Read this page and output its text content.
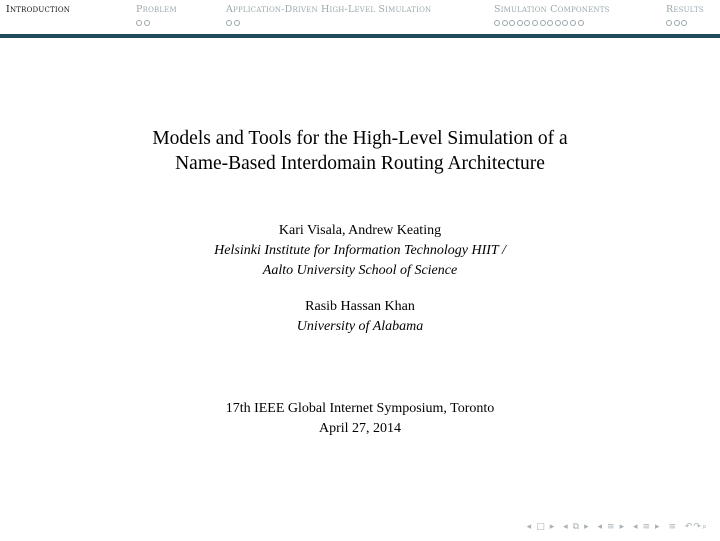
Introduction	Problem	Application-Driven High-Level Simulation	Simulation Components	Results
Models and Tools for the High-Level Simulation of a
Name-Based Interdomain Routing Architecture
Kari Visala, Andrew Keating
Helsinki Institute for Information Technology HIIT /
Aalto University School of Science
Rasib Hassan Khan
University of Alabama
17th IEEE Global Internet Symposium, Toronto
April 27, 2014
◂ □ ▸ ◂ ⧉ ▸ ◂ ≡ ▸ ◂ ≡ ▸ ≡ ↶↷⌕
